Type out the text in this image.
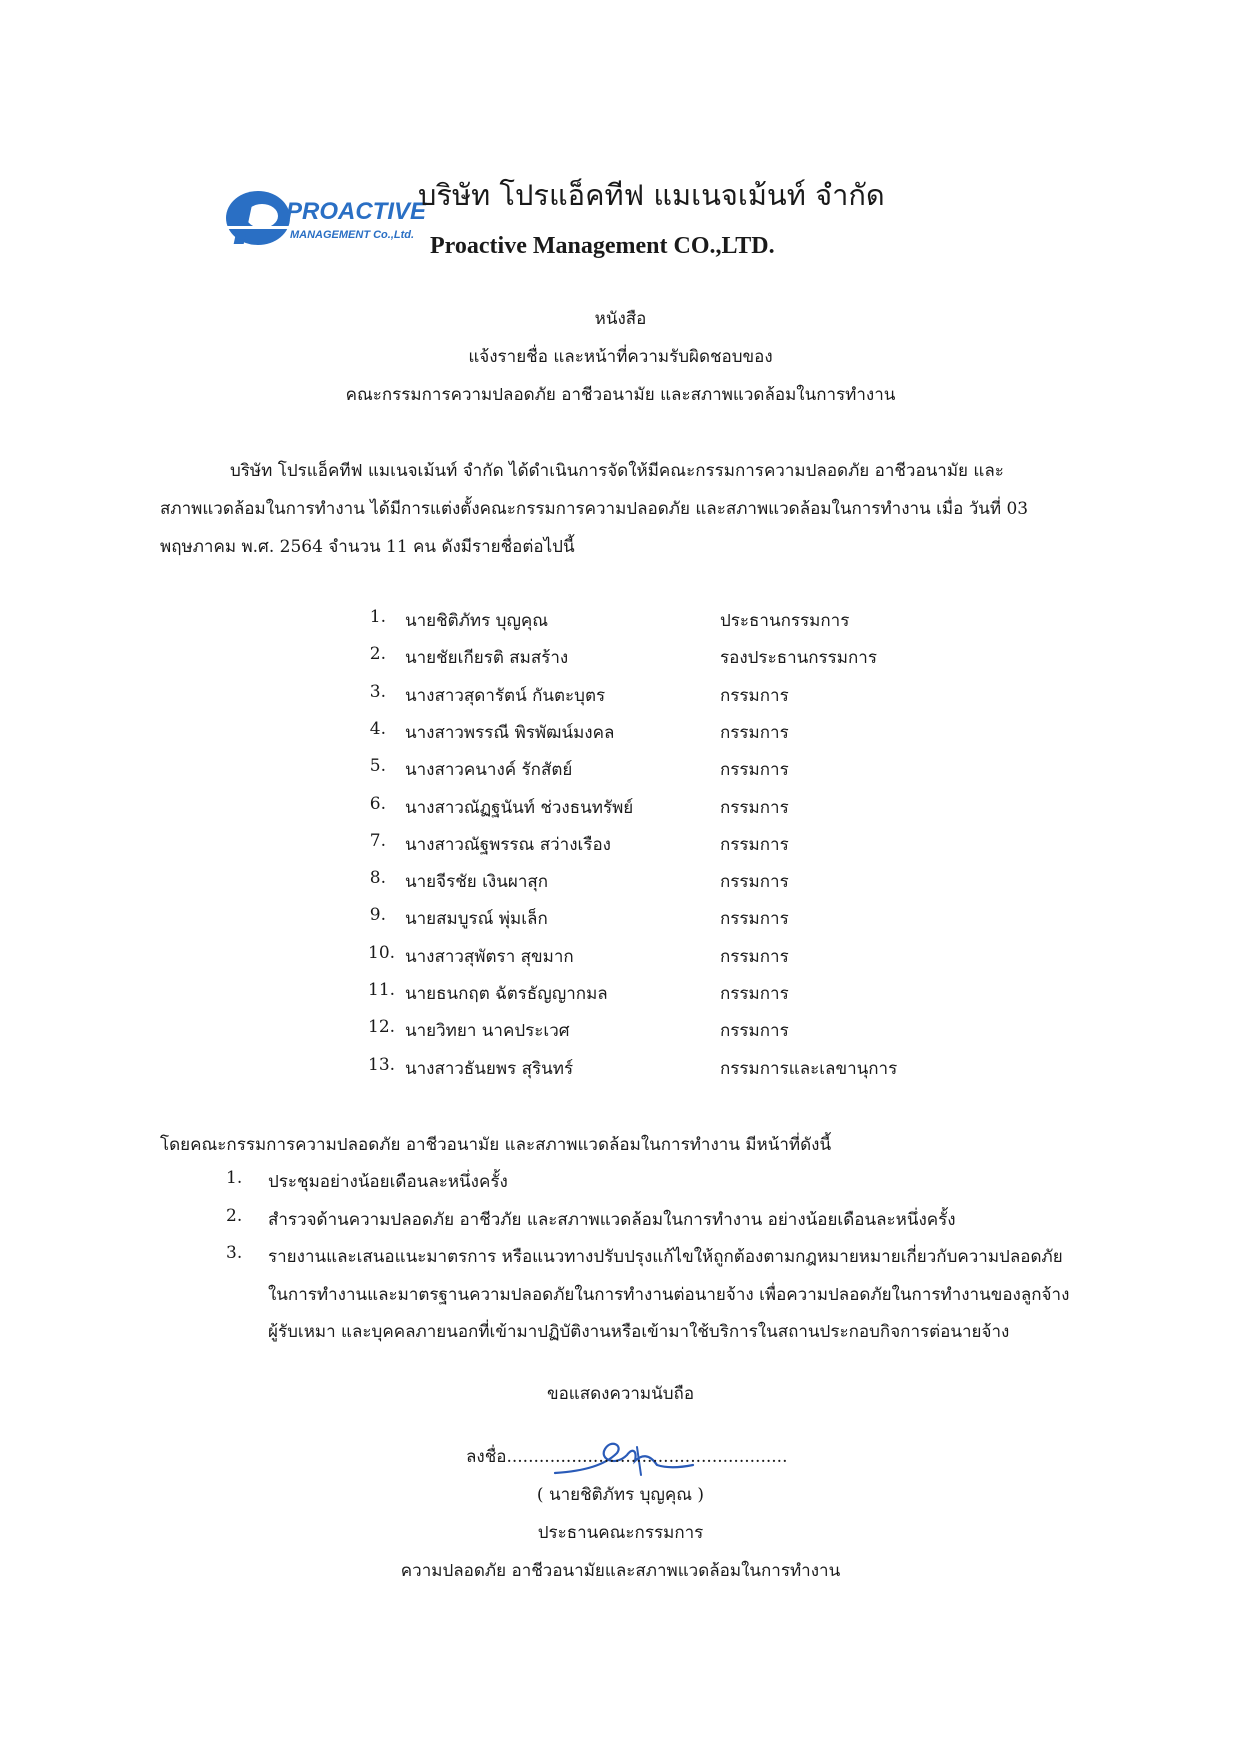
PROACTIVE
MANAGEMENT Co.,Ltd.
บริษัท โปรแอ็คทีฟ แมเนจเม้นท์ จำกัด
Proactive Management CO.,LTD.
หนังสือ
แจ้งรายชื่อ และหน้าที่ความรับผิดชอบของ
คณะกรรมการความปลอดภัย อาชีวอนามัย และสภาพแวดล้อมในการทำงาน
บริษัท โปรแอ็คทีฟ แมเนจเม้นท์ จำกัด ได้ดำเนินการจัดให้มีคณะกรรมการความปลอดภัย อาชีวอนามัย และ
สภาพแวดล้อมในการทำงาน ได้มีการแต่งตั้งคณะกรรมการความปลอดภัย และสภาพแวดล้อมในการทำงาน เมื่อ วันที่ 03
พฤษภาคม พ.ศ. 2564 จำนวน 11 คน ดังมีรายชื่อต่อไปนี้
1. นายชิติภัทร บุญคุณ	ประธานกรรมการ
2. นายชัยเกียรติ สมสร้าง	รองประธานกรรมการ
3. นางสาวสุดารัตน์ กันตะบุตร	กรรมการ
4. นางสาวพรรณี พิรพัฒน์มงคล	กรรมการ
5. นางสาวคนางค์ รักสัตย์	กรรมการ
6. นางสาวณัฏฐนันท์ ช่วงธนทรัพย์	กรรมการ
7. นางสาวณัฐพรรณ สว่างเรือง	กรรมการ
8. นายจีรชัย เงินผาสุก	กรรมการ
9. นายสมบูรณ์ พุ่มเล็ก	กรรมการ
10. นางสาวสุพัตรา สุขมาก	กรรมการ
11. นายธนกฤต ฉัตรธัญญากมล	กรรมการ
12. นายวิทยา นาคประเวศ	กรรมการ
13. นางสาวธันยพร สุรินทร์	กรรมการและเลขานุการ
โดยคณะกรรมการความปลอดภัย อาชีวอนามัย และสภาพแวดล้อมในการทำงาน มีหน้าที่ดังนี้
1. ประชุมอย่างน้อยเดือนละหนึ่งครั้ง
2. สำรวจด้านความปลอดภัย อาชีวภัย และสภาพแวดล้อมในการทำงาน อย่างน้อยเดือนละหนึ่งครั้ง
3. รายงานและเสนอแนะมาตรการ หรือแนวทางปรับปรุงแก้ไขให้ถูกต้องตามกฎหมายหมายเกี่ยวกับความปลอดภัย
ในการทำงานและมาตรฐานความปลอดภัยในการทำงานต่อนายจ้าง เพื่อความปลอดภัยในการทำงานของลูกจ้าง
ผู้รับเหมา และบุคคลภายนอกที่เข้ามาปฏิบัติงานหรือเข้ามาใช้บริการในสถานประกอบกิจการต่อนายจ้าง
ขอแสดงความนับถือ
ลงชื่อ....................................................
( นายชิติภัทร บุญคุณ )
ประธานคณะกรรมการ
ความปลอดภัย อาชีวอนามัยและสภาพแวดล้อมในการทำงาน
